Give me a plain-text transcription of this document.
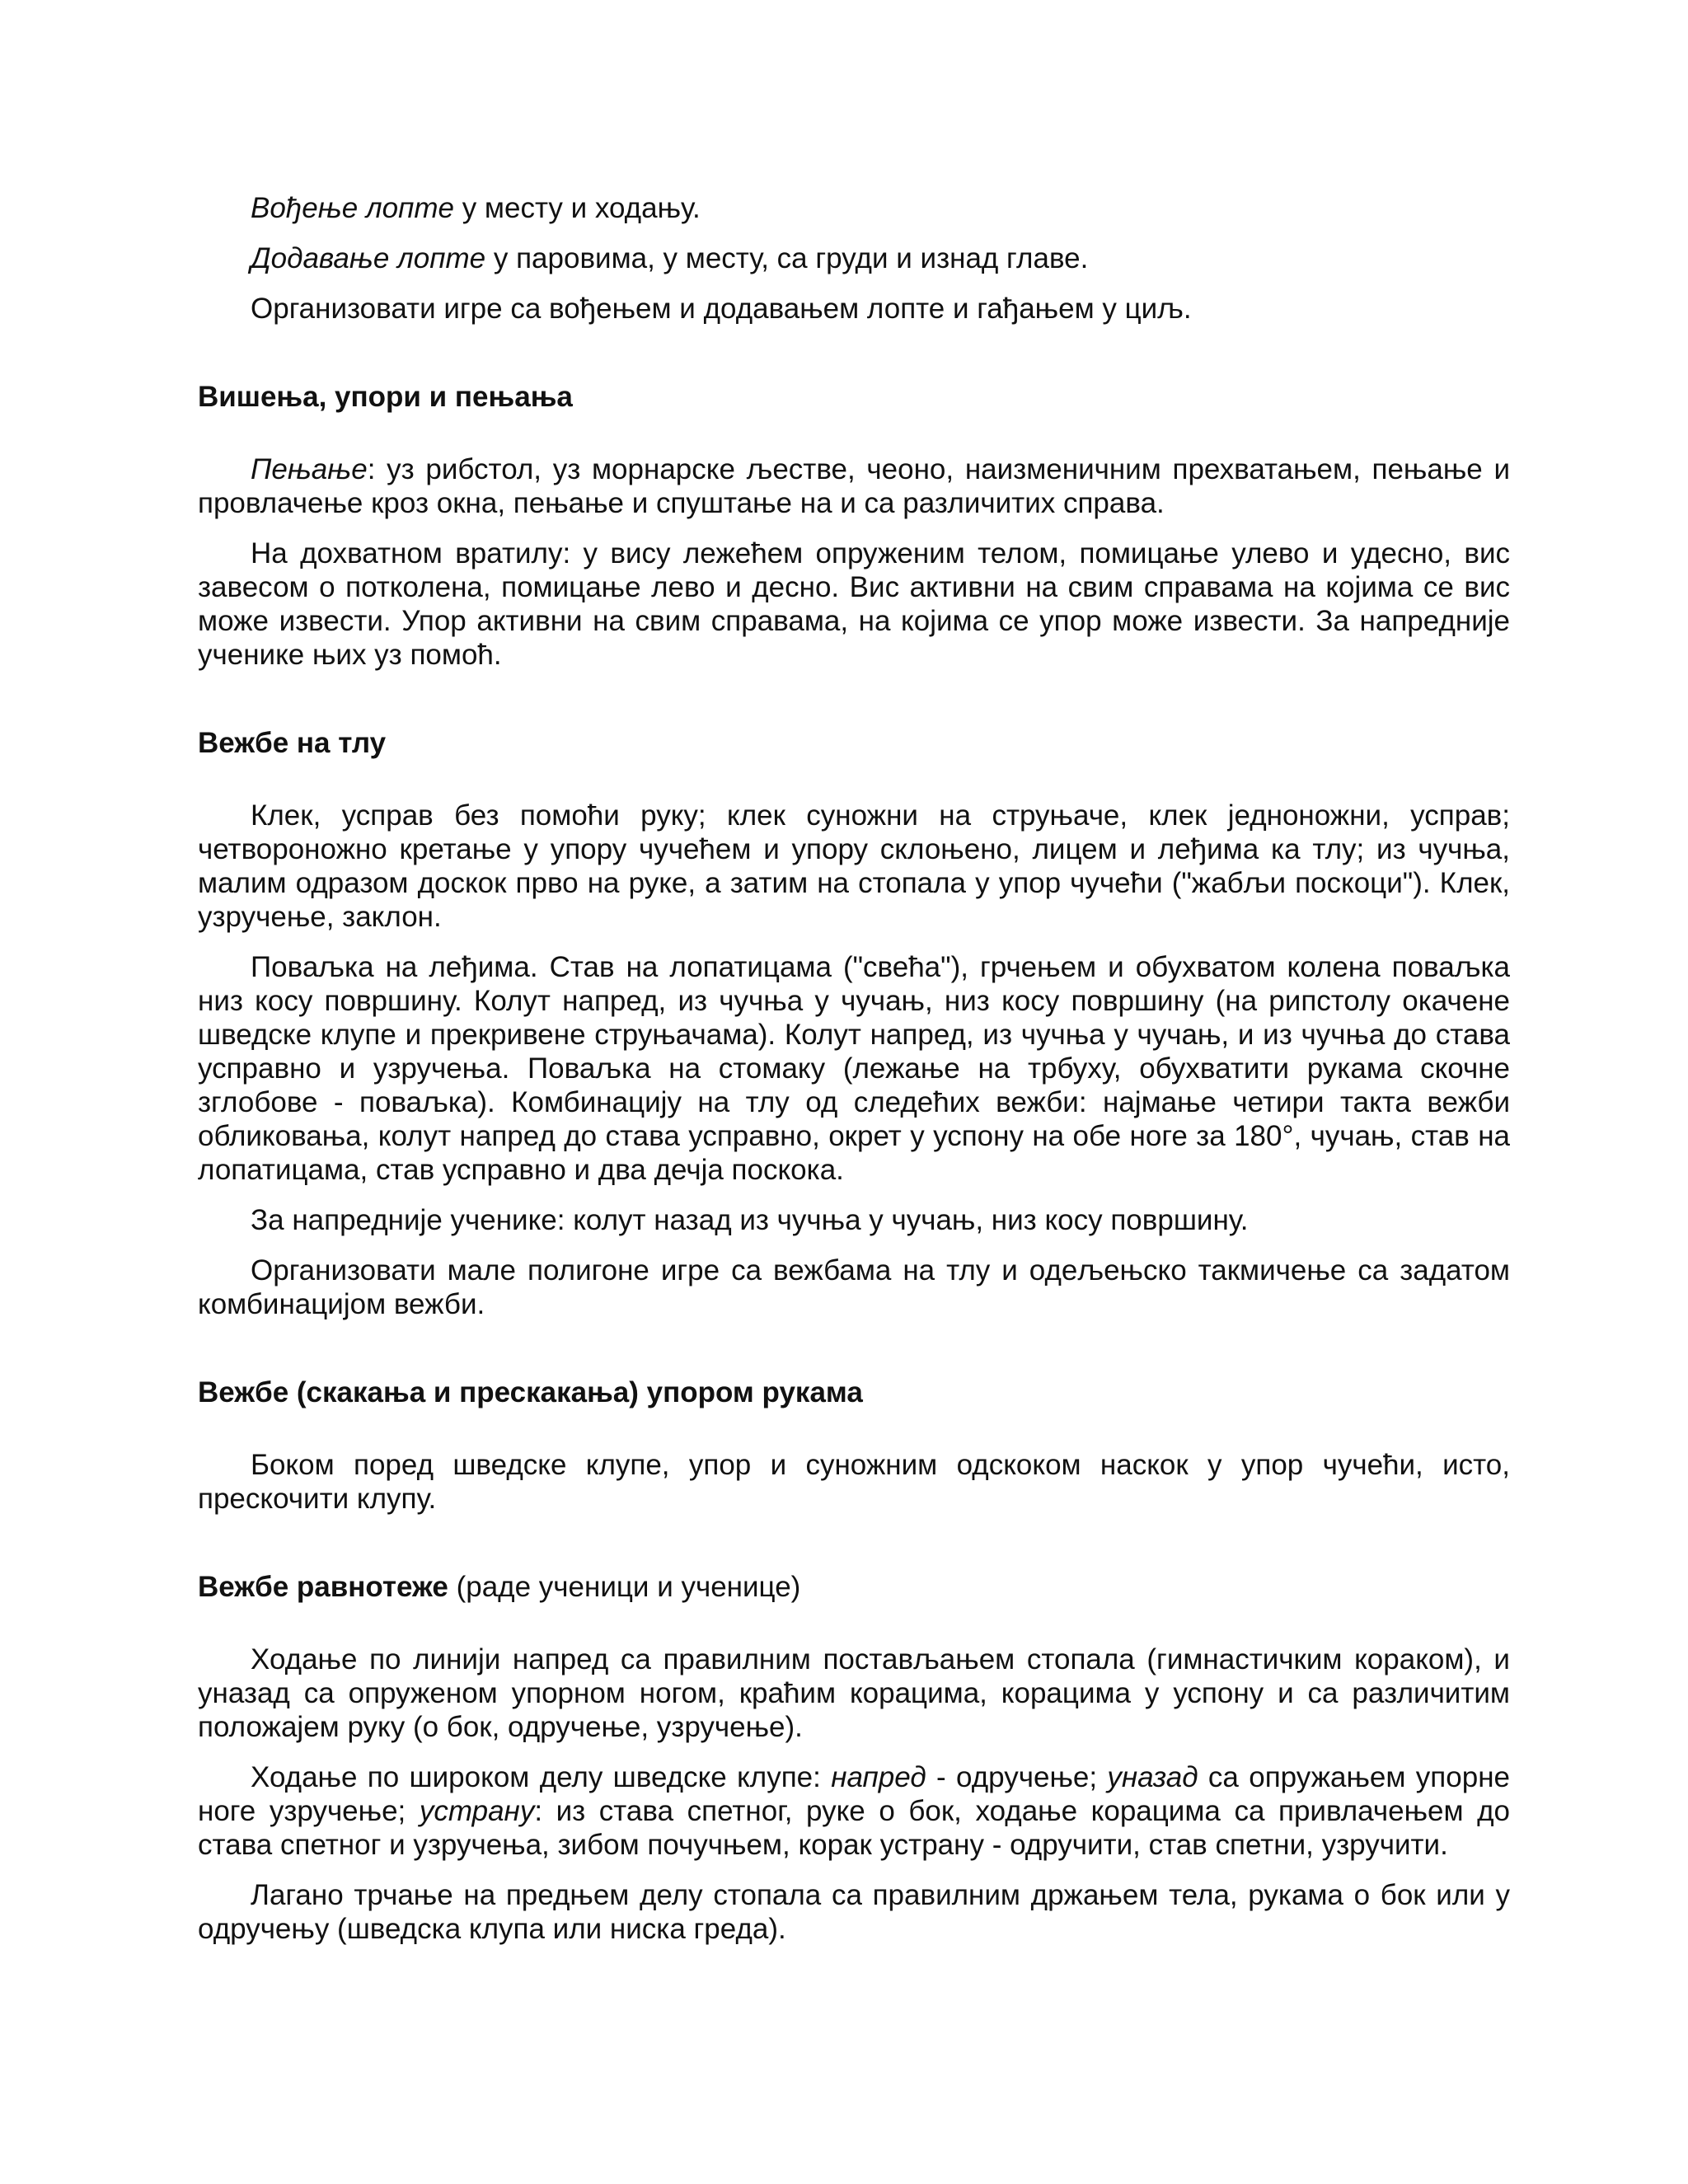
Вођење лопте у месту и ходању.

Додавање лопте у паровима, у месту, са груди и изнад главе.

Организовати игре са вођењем и додавањем лопте и гађањем у циљ.

Вишења, упори и пењања

Пењање: уз рибстол, уз морнарске љестве, чеоно, наизменичним прехватањем, пењање и провлачење кроз окна, пењање и спуштање на и са различитих справа.

На дохватном вратилу: у вису лежећем опруженим телом, помицање улево и удесно, вис завесом о потколена, помицање лево и десно. Вис активни на свим справама на којима се вис може извести. Упор активни на свим справама, на којима се упор може извести. За напредније ученике њих уз помоћ.

Вежбе на тлу

Клек, усправ без помоћи руку; клек суножни на струњаче, клек једноножни, усправ; четвороножно кретање у упору чучећем и упору склоњено, лицем и леђима ка тлу; из чучња, малим одразом доскок прво на руке, а затим на стопала у упор чучећи ("жабљи поскоци"). Клек, узручење, заклон.

Поваљка на леђима. Став на лопатицама ("свећа"), грчењем и обухватом колена поваљка низ косу површину. Колут напред, из чучња у чучањ, низ косу површину (на рипстолу окачене шведске клупе и прекривене струњачама). Колут напред, из чучња у чучањ, и из чучња до става усправно и узручења. Поваљка на стомаку (лежање на трбуху, обухватити рукама скочне зглобове - поваљка). Комбинацију на тлу од следећих вежби: најмање четири такта вежби обликовања, колут напред до става усправно, окрет у успону на обе ноге за 180°, чучањ, став на лопатицама, став усправно и два дечја поскока.

За напредније ученике: колут назад из чучња у чучањ, низ косу површину.

Организовати мале полигоне игре са вежбама на тлу и одељењско такмичење са задатом комбинацијом вежби.

Вежбе (скакања и прескакања) упором рукама

Боком поред шведске клупе, упор и суножним одскоком наскок у упор чучећи, исто, прескочити клупу.

Вежбе равнотеже (раде ученици и ученице)

Ходање по линији напред са правилним постављањем стопала (гимнастичким кораком), и уназад са опруженом упорном ногом, краћим корацима, корацима у успону и са различитим положајем руку (о бок, одручење, узручење).

Ходање по широком делу шведске клупе: напред - одручење; уназад са опружањем упорне ноге узручење; устрану: из става спетног, руке о бок, ходање корацима са привлачењем до става спетног и узручења, зибом почучњем, корак устрану - одручити, став спетни, узручити.

Лагано трчање на предњем делу стопала са правилним држањем тела, рукама о бок или у одручењу (шведска клупа или ниска греда).
